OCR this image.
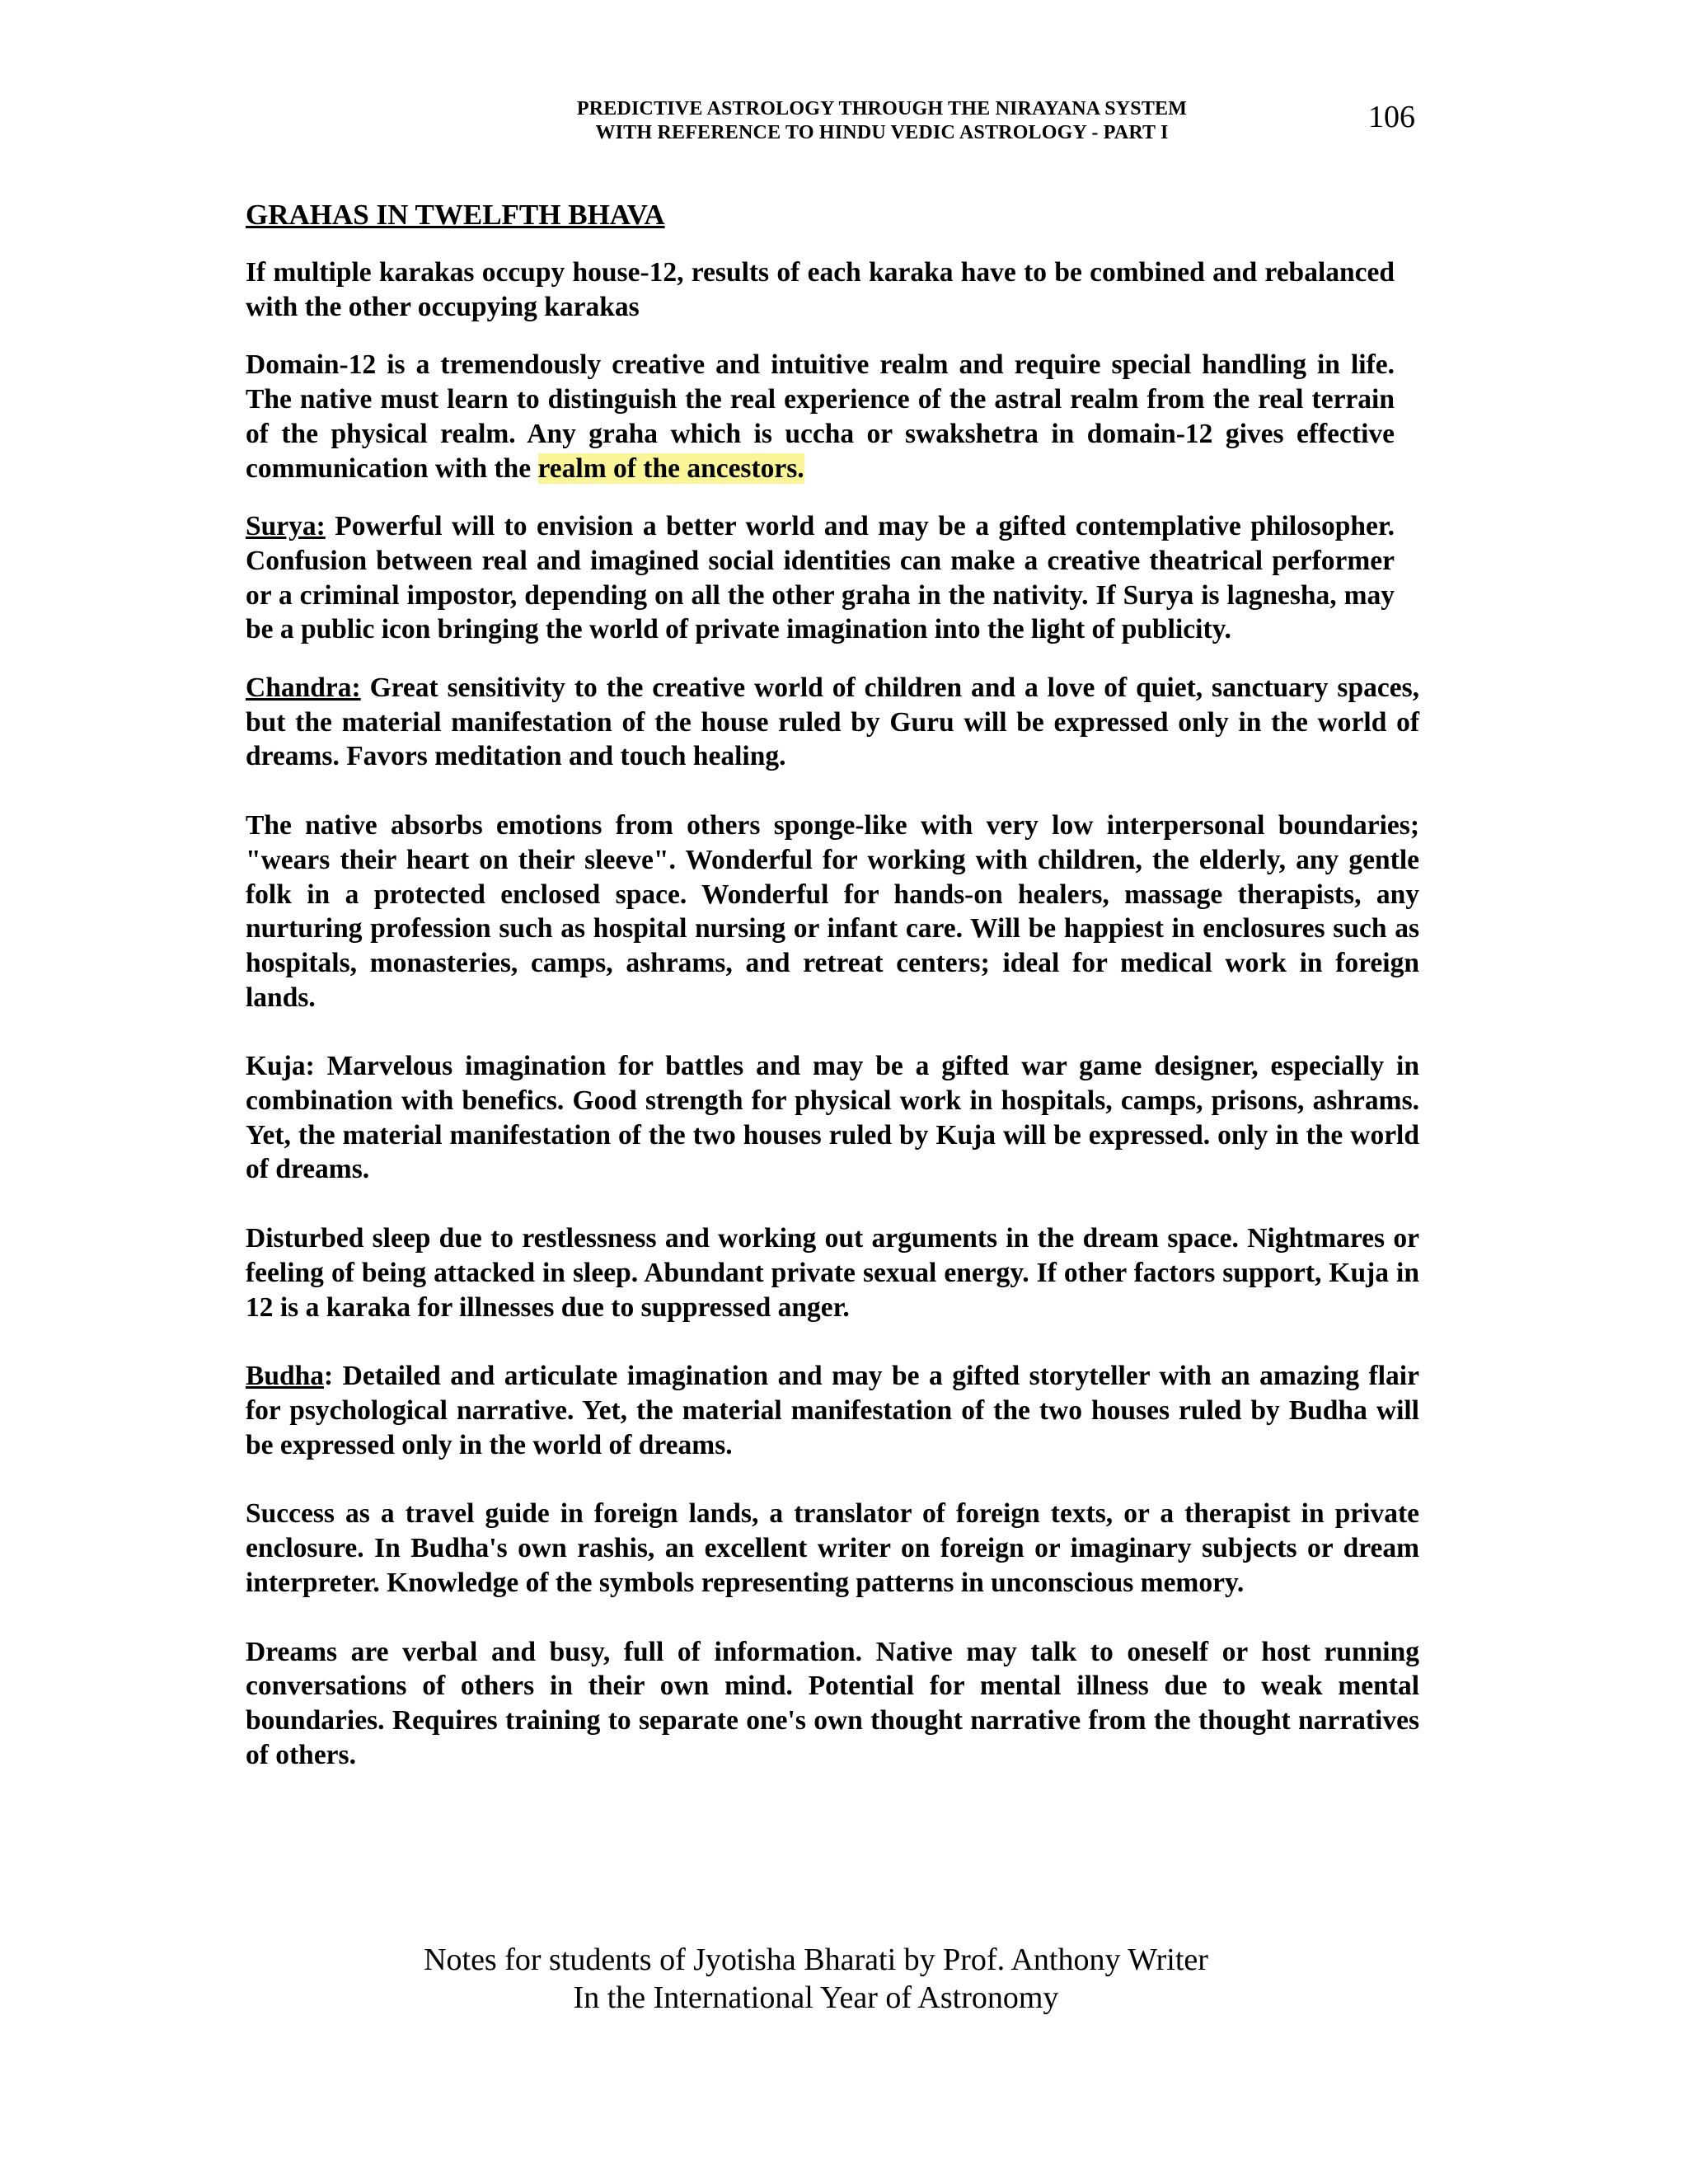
PREDICTIVE ASTROLOGY THROUGH THE NIRAYANA SYSTEM
WITH REFERENCE TO HINDU VEDIC ASTROLOGY - PART I	106
GRAHAS IN TWELFTH BHAVA

If multiple karakas occupy house-12, results of each karaka have to be combined and rebalanced with the other occupying karakas

Domain-12 is a tremendously creative and intuitive realm and require special handling in life. The native must learn to distinguish the real experience of the astral realm from the real terrain of the physical realm. Any graha which is uccha or swakshetra in domain-12 gives effective communication with the realm of the ancestors.

Surya: Powerful will to envision a better world and may be a gifted contemplative philosopher. Confusion between real and imagined social identities can make a creative theatrical performer or a criminal impostor, depending on all the other graha in the nativity. If Surya is lagnesha, may be a public icon bringing the world of private imagination into the light of publicity.

Chandra: Great sensitivity to the creative world of children and a love of quiet, sanctuary spaces, but the material manifestation of the house ruled by Guru will be expressed only in the world of dreams. Favors meditation and touch healing.

The native absorbs emotions from others sponge-like with very low interpersonal boundaries; "wears their heart on their sleeve". Wonderful for working with children, the elderly, any gentle folk in a protected enclosed space. Wonderful for hands-on healers, massage therapists, any nurturing profession such as hospital nursing or infant care. Will be happiest in enclosures such as hospitals, monasteries, camps, ashrams, and retreat centers; ideal for medical work in foreign lands.

Kuja: Marvelous imagination for battles and may be a gifted war game designer, especially in combination with benefics. Good strength for physical work in hospitals, camps, prisons, ashrams. Yet, the material manifestation of the two houses ruled by Kuja will be expressed. only in the world of dreams.

Disturbed sleep due to restlessness and working out arguments in the dream space. Nightmares or feeling of being attacked in sleep. Abundant private sexual energy. If other factors support, Kuja in 12 is a karaka for illnesses due to suppressed anger.

Budha: Detailed and articulate imagination and may be a gifted storyteller with an amazing flair for psychological narrative. Yet, the material manifestation of the two houses ruled by Budha will be expressed only in the world of dreams.

Success as a travel guide in foreign lands, a translator of foreign texts, or a therapist in private enclosure. In Budha's own rashis, an excellent writer on foreign or imaginary subjects or dream interpreter. Knowledge of the symbols representing patterns in unconscious memory.

Dreams are verbal and busy, full of information. Native may talk to oneself or host running conversations of others in their own mind. Potential for mental illness due to weak mental boundaries. Requires training to separate one's own thought narrative from the thought narratives of others.

Notes for students of Jyotisha Bharati by Prof. Anthony Writer
In the International Year of Astronomy
